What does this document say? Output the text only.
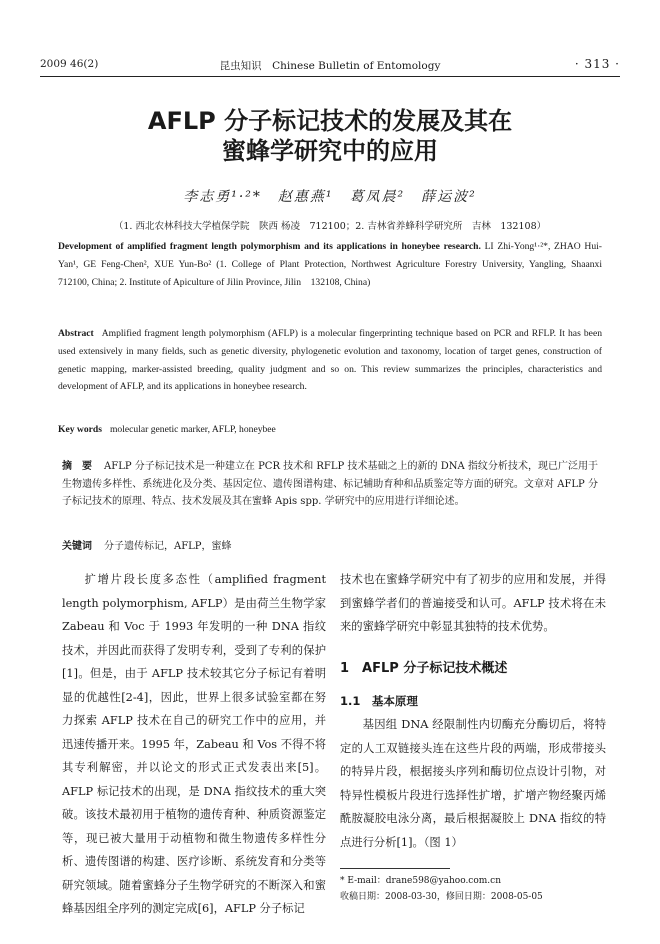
2009 46(2)	昆虫知识　Chinese Bulletin of Entomology	· 313 ·
AFLP 分子标记技术的发展及其在
蜜蜂学研究中的应用
李志勇¹·²*　赵惠燕¹　葛凤晨²　薛运波²
（1. 西北农林科技大学植保学院　陕西 杨凌　712100；2. 吉林省养蜂科学研究所　吉林　132108）
Development of amplified fragment length polymorphism and its applications in honeybee research. LI Zhi-Yong¹·²*, ZHAO Hui-Yan¹, GE Feng-Chen², XUE Yun-Bo² (1. College of Plant Protection, Northwest Agriculture Forestry University, Yangling, Shaanxi　712100, China; 2. Institute of Apiculture of Jilin Province, Jilin　132108, China)
Abstract Amplified fragment length polymorphism (AFLP) is a molecular fingerprinting technique based on PCR and RFLP. It has been used extensively in many fields, such as genetic diversity, phylogenetic evolution and taxonomy, location of target genes, construction of genetic mapping, marker-assisted breeding, quality judgment and so on. This review summarizes the principles, characteristics and development of AFLP, and its applications in honeybee research.
Key words molecular genetic marker, AFLP, honeybee
摘　要 AFLP 分子标记技术是一种建立在 PCR 技术和 RFLP 技术基础之上的新的 DNA 指纹分析技术，现已广泛用于生物遗传多样性、系统进化及分类、基因定位、遗传图谱构建、标记辅助育种和品质鉴定等方面的研究。文章对 AFLP 分子标记技术的原理、特点、技术发展及其在蜜蜂 Apis spp. 学研究中的应用进行详细论述。
关键词 分子遗传标记，AFLP，蜜蜂

扩增片段长度多态性（amplified fragment length polymorphism, AFLP）是由荷兰生物学家 Zabeau 和 Voc 于 1993 年发明的一种 DNA 指纹技术，并因此而获得了发明专利，受到了专利的保护[1]。但是，由于 AFLP 技术较其它分子标记有着明显的优越性[2-4]，因此，世界上很多试验室都在努力探索 AFLP 技术在自己的研究工作中的应用，并迅速传播开来。1995 年，Zabeau 和 Vos 不得不将其专利解密，并以论文的形式正式发表出来[5]。AFLP 标记技术的出现，是 DNA 指纹技术的重大突破。该技术最初用于植物的遗传育种、种质资源鉴定等，现已被大量用于动植物和微生物遗传多样性分析、遗传图谱的构建、医疗诊断、系统发育和分类等研究领域。随着蜜蜂分子生物学研究的不断深入和蜜蜂基因组全序列的测定完成[6]，AFLP 分子标记

技术也在蜜蜂学研究中有了初步的应用和发展，并得到蜜蜂学者们的普遍接受和认可。AFLP 技术将在未来的蜜蜂学研究中彰显其独特的技术优势。

1　AFLP 分子标记技术概述
1.1　基本原理

基因组 DNA 经限制性内切酶充分酶切后，将特定的人工双链接头连在这些片段的两端，形成带接头的特异片段，根据接头序列和酶切位点设计引物，对特异性模板片段进行选择性扩增，扩增产物经聚丙烯酰胺凝胶电泳分离，最后根据凝胶上 DNA 指纹的特点进行分析[1]。（图 1）

* E-mail：drane598@yahoo.com.cn
收稿日期：2008-03-30，修回日期：2008-05-05
